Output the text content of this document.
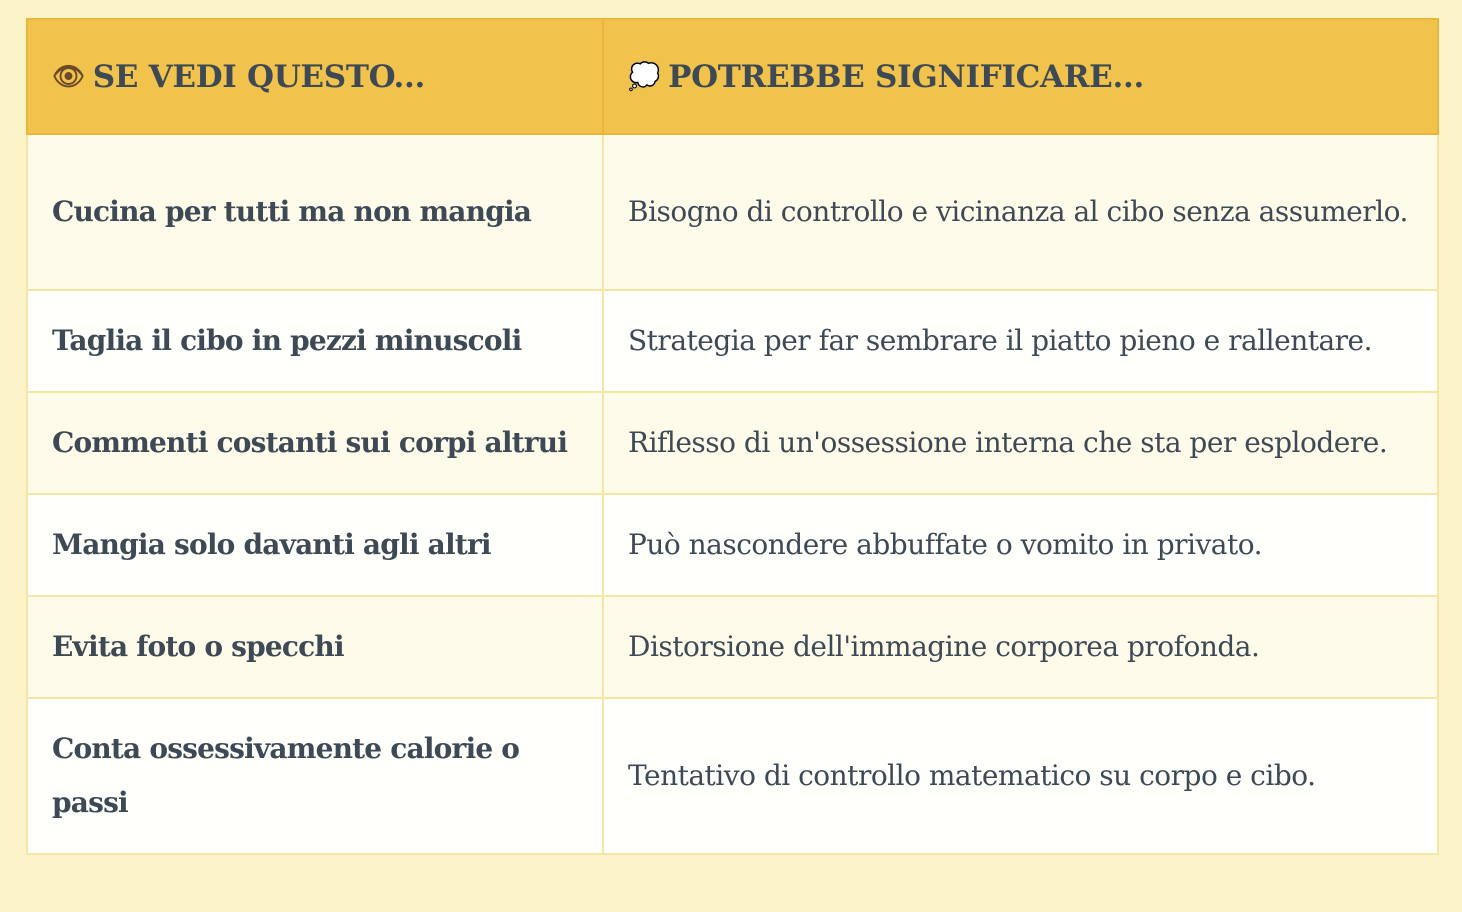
👁 SE VEDI QUESTO...	💭 POTREBBE SIGNIFICARE...
Cucina per tutti ma non mangia	Bisogno di controllo e vicinanza al cibo senza assumerlo.
Taglia il cibo in pezzi minuscoli	Strategia per far sembrare il piatto pieno e rallentare.
Commenti costanti sui corpi altrui	Riflesso di un'ossessione interna che sta per esplodere.
Mangia solo davanti agli altri	Può nascondere abbuffate o vomito in privato.
Evita foto o specchi	Distorsione dell'immagine corporea profonda.
Conta ossessivamente calorie o passi	Tentativo di controllo matematico su corpo e cibo.
